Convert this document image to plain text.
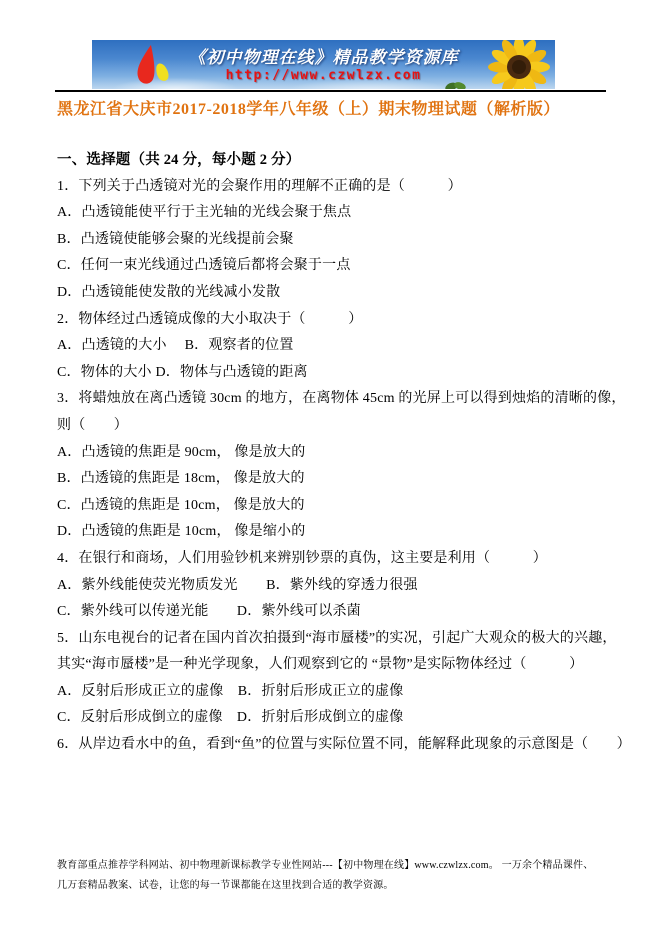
《初中物理在线》精品教学资源库
http://www.czwlzx.com
黑龙江省大庆市2017-2018学年八年级（上）期末物理试题（解析版）

一、选择题（共 24 分，每小题 2 分）

1．下列关于凸透镜对光的会聚作用的理解不正确的是（　　　）

A．凸透镜能使平行于主光轴的光线会聚于焦点

B．凸透镜使能够会聚的光线提前会聚

C．任何一束光线通过凸透镜后都将会聚于一点

D．凸透镜能使发散的光线减小发散

2．物体经过凸透镜成像的大小取决于（　　　）

A．凸透镜的大小　 B．观察者的位置

C．物体的大小 D．物体与凸透镜的距离

3．将蜡烛放在离凸透镜 30cm 的地方，在离物体 45cm 的光屏上可以得到烛焰的清晰的像，

则（　　）

A．凸透镜的焦距是 90cm， 像是放大的

B．凸透镜的焦距是 18cm， 像是放大的

C．凸透镜的焦距是 10cm， 像是放大的

D．凸透镜的焦距是 10cm， 像是缩小的

4．在银行和商场，人们用验钞机来辨别钞票的真伪，这主要是利用（　　　）

A．紫外线能使荧光物质发光　　B．紫外线的穿透力很强

C．紫外线可以传递光能　　D．紫外线可以杀菌

5．山东电视台的记者在国内首次拍摄到“海市蜃楼”的实况，引起广大观众的极大的兴趣，

其实“海市蜃楼”是一种光学现象，人们观察到它的 “景物”是实际物体经过（　　　）

A．反射后形成正立的虚像　B．折射后形成正立的虚像

C．反射后形成倒立的虚像　D．折射后形成倒立的虚像

6．从岸边看水中的鱼，看到“鱼”的位置与实际位置不同，能解释此现象的示意图是（　　）

教育部重点推荐学科网站、初中物理新课标教学专业性网站---【初中物理在线】www.czwlzx.com。 一万余个精品课件、

几万套精品教案、试卷，让您的每一节课都能在这里找到合适的教学资源。
